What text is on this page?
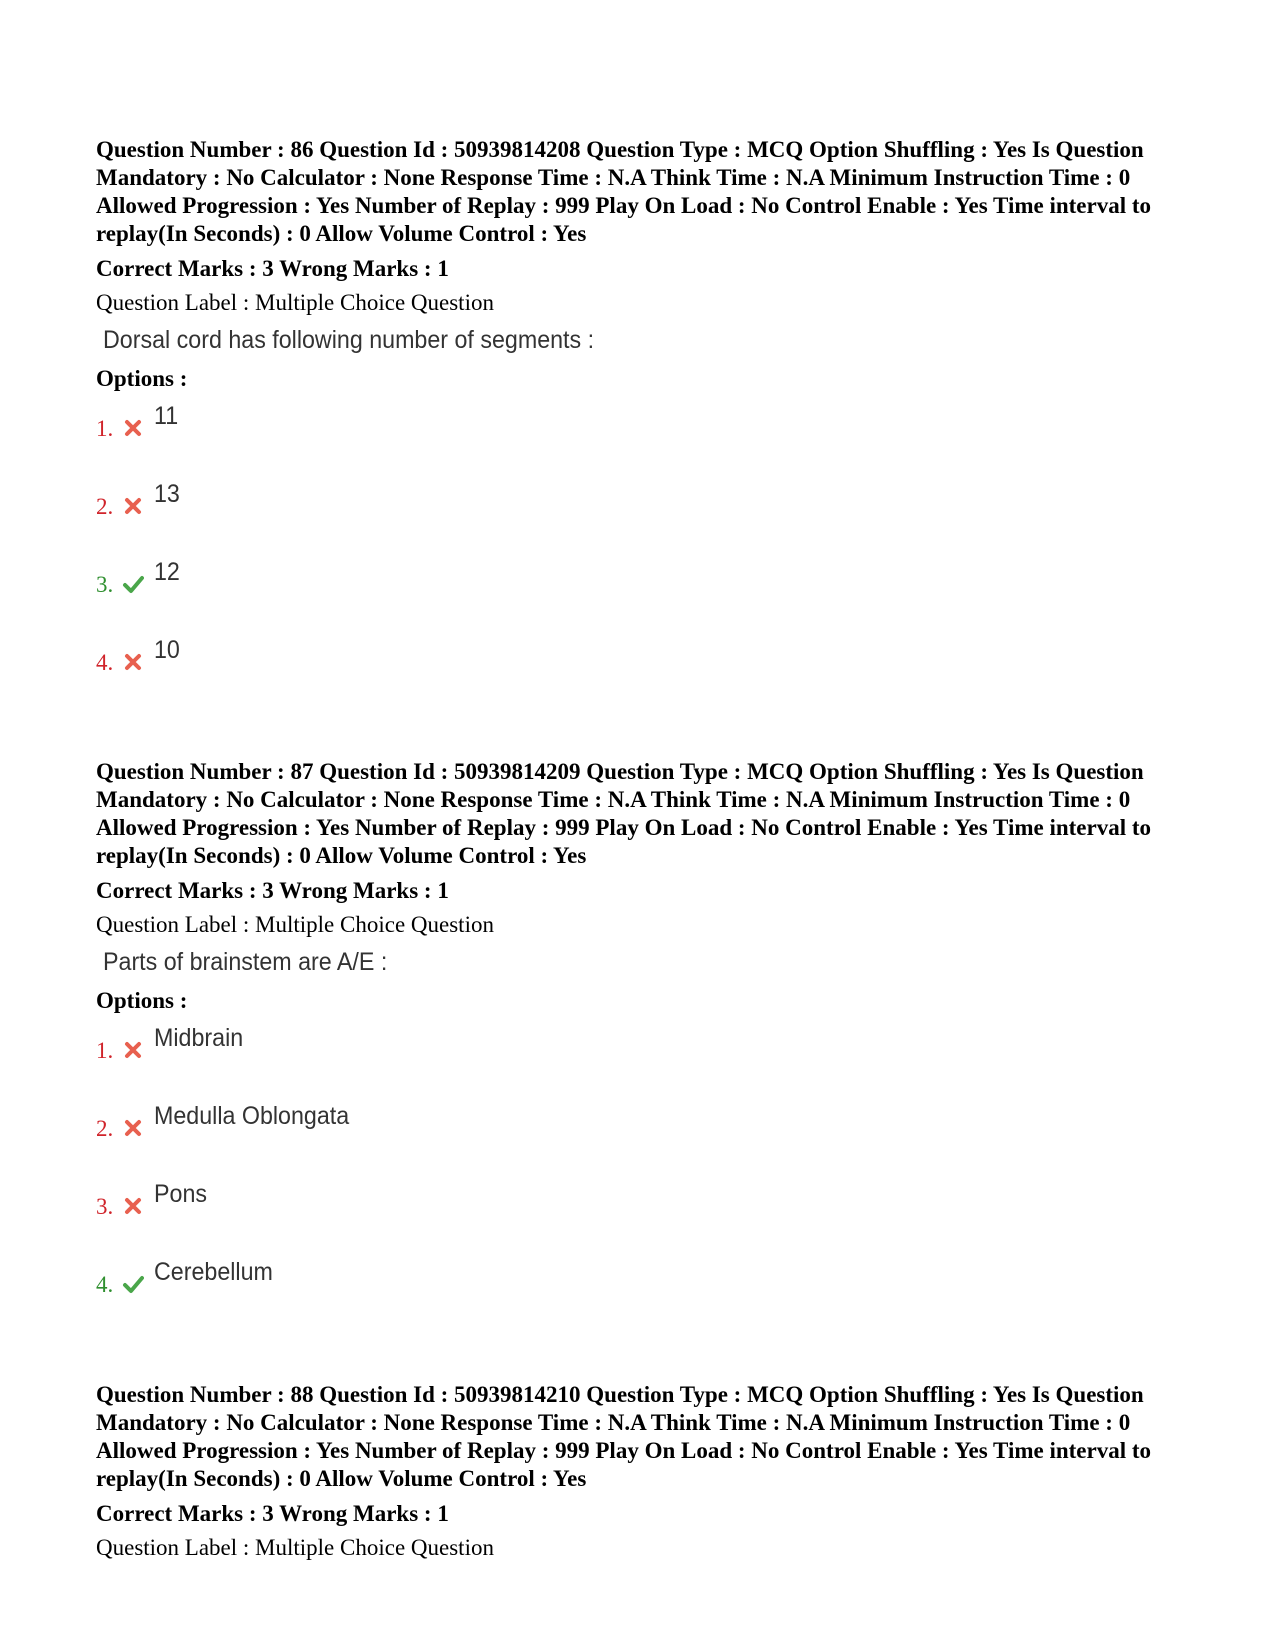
Question Number : 86 Question Id : 50939814208 Question Type : MCQ Option Shuffling : Yes Is Question Mandatory : No Calculator : None Response Time : N.A Think Time : N.A Minimum Instruction Time : 0 Allowed Progression : Yes Number of Replay : 999 Play On Load : No Control Enable : Yes Time interval to replay(In Seconds) : 0 Allow Volume Control : Yes

Correct Marks : 3 Wrong Marks : 1
Question Label : Multiple Choice Question
Dorsal cord has following number of segments :
Options :
1. 11
2. 13
3. 12
4. 10

Question Number : 87 Question Id : 50939814209 Question Type : MCQ Option Shuffling : Yes Is Question Mandatory : No Calculator : None Response Time : N.A Think Time : N.A Minimum Instruction Time : 0 Allowed Progression : Yes Number of Replay : 999 Play On Load : No Control Enable : Yes Time interval to replay(In Seconds) : 0 Allow Volume Control : Yes

Correct Marks : 3 Wrong Marks : 1
Question Label : Multiple Choice Question
Parts of brainstem are A/E :
Options :
1. Midbrain
2. Medulla Oblongata
3. Pons
4. Cerebellum

Question Number : 88 Question Id : 50939814210 Question Type : MCQ Option Shuffling : Yes Is Question Mandatory : No Calculator : None Response Time : N.A Think Time : N.A Minimum Instruction Time : 0 Allowed Progression : Yes Number of Replay : 999 Play On Load : No Control Enable : Yes Time interval to replay(In Seconds) : 0 Allow Volume Control : Yes

Correct Marks : 3 Wrong Marks : 1
Question Label : Multiple Choice Question
